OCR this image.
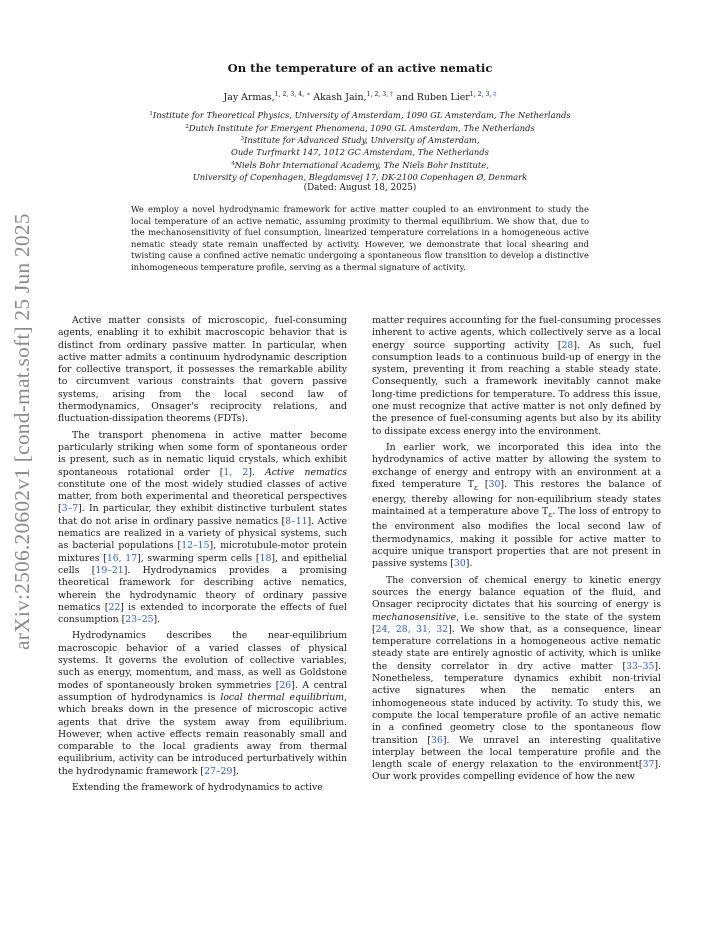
arXiv:2506.20602v1 [cond-mat.soft] 25 Jun 2025
On the temperature of an active nematic
Jay Armas,$^{1, 2, 3, 4, ∗}$ Akash Jain,$^{1, 2, 3, \dagger}$ and Ruben Lier$^{1, 2, 3, \ddagger}$
$^1$Institute for Theoretical Physics, University of Amsterdam, 1090 GL Amsterdam, The Netherlands
$^2$Dutch Institute for Emergent Phenomena, 1090 GL Amsterdam, The Netherlands
$^3$Institute for Advanced Study, University of Amsterdam,
Oude Turfmarkt 147, 1012 GC Amsterdam, The Netherlands
$^4$Niels Bohr International Academy, The Niels Bohr Institute,
University of Copenhagen, Blegdamsvej 17, DK-2100 Copenhagen Ø, Denmark
(Dated: August 18, 2025)
We employ a novel hydrodynamic framework for active matter coupled to an environment to study the local temperature of an active nematic, assuming proximity to thermal equilibrium. We show that, due to the mechanosensitivity of fuel consumption, linearized temperature correlations in a homogeneous active nematic steady state remain unaffected by activity. However, we demonstrate that local shearing and twisting cause a confined active nematic undergoing a spontaneous flow transition to develop a distinctive inhomogeneous temperature profile, serving as a thermal signature of activity.

Active matter consists of microscopic, fuel-consuming agents, enabling it to exhibit macroscopic behavior that is distinct from ordinary passive matter. In particular, when active matter admits a continuum hydrodynamic description for collective transport, it possesses the remarkable ability to circumvent various constraints that govern passive systems, arising from the local second law of thermodynamics, Onsager's reciprocity relations, and fluctuation-dissipation theorems (FDTs).

The transport phenomena in active matter become particularly striking when some form of spontaneous order is present, such as in nematic liquid crystals, which exhibit spontaneous rotational order [1, 2]. Active nematics constitute one of the most widely studied classes of active matter, from both experimental and theoretical perspectives [3–7]. In particular, they exhibit distinctive turbulent states that do not arise in ordinary passive nematics [8–11]. Active nematics are realized in a variety of physical systems, such as bacterial populations [12–15], microtubule-motor protein mixtures [16, 17], swarming sperm cells [18], and epithelial cells [19–21]. Hydrodynamics provides a promising theoretical framework for describing active nematics, wherein the hydrodynamic theory of ordinary passive nematics [22] is extended to incorporate the effects of fuel consumption [23–25].

Hydrodynamics describes the near-equilibrium macroscopic behavior of a varied classes of physical systems. It governs the evolution of collective variables, such as energy, momentum, and mass, as well as Goldstone modes of spontaneously broken symmetries [26]. A central assumption of hydrodynamics is local thermal equilibrium, which breaks down in the presence of microscopic active agents that drive the system away from equilibrium. However, when active effects remain reasonably small and comparable to the local gradients away from thermal equilibrium, activity can be introduced perturbatively within the hydrodynamic framework [27–29].

Extending the framework of hydrodynamics to active

matter requires accounting for the fuel-consuming processes inherent to active agents, which collectively serve as a local energy source supporting activity [28]. As such, fuel consumption leads to a continuous build-up of energy in the system, preventing it from reaching a stable steady state. Consequently, such a framework inevitably cannot make long-time predictions for temperature. To address this issue, one must recognize that active matter is not only defined by the presence of fuel-consuming agents but also by its ability to dissipate excess energy into the environment.

In earlier work, we incorporated this idea into the hydrodynamics of active matter by allowing the system to exchange of energy and entropy with an environment at a fixed temperature $T_\varepsilon$ [30]. This restores the balance of energy, thereby allowing for non-equilibrium steady states maintained at a temperature above $T_\varepsilon$. The loss of entropy to the environment also modifies the local second law of thermodynamics, making it possible for active matter to acquire unique transport properties that are not present in passive systems [30].

The conversion of chemical energy to kinetic energy sources the energy balance equation of the fluid, and Onsager reciprocity dictates that his sourcing of energy is mechanosensitive, i.e. sensitive to the state of the system [24, 28, 31, 32]. We show that, as a consequence, linear temperature correlations in a homogeneous active nematic steady state are entirely agnostic of activity, which is unlike the density correlator in dry active matter [33–35]. Nonetheless, temperature dynamics exhibit non-trivial active signatures when the nematic enters an inhomogeneous state induced by activity. To study this, we compute the local temperature profile of an active nematic in a confined geometry close to the spontaneous flow transition [36]. We unravel an interesting qualitative interplay between the local temperature profile and the length scale of energy relaxation to the environment[37]. Our work provides compelling evidence of how the new
